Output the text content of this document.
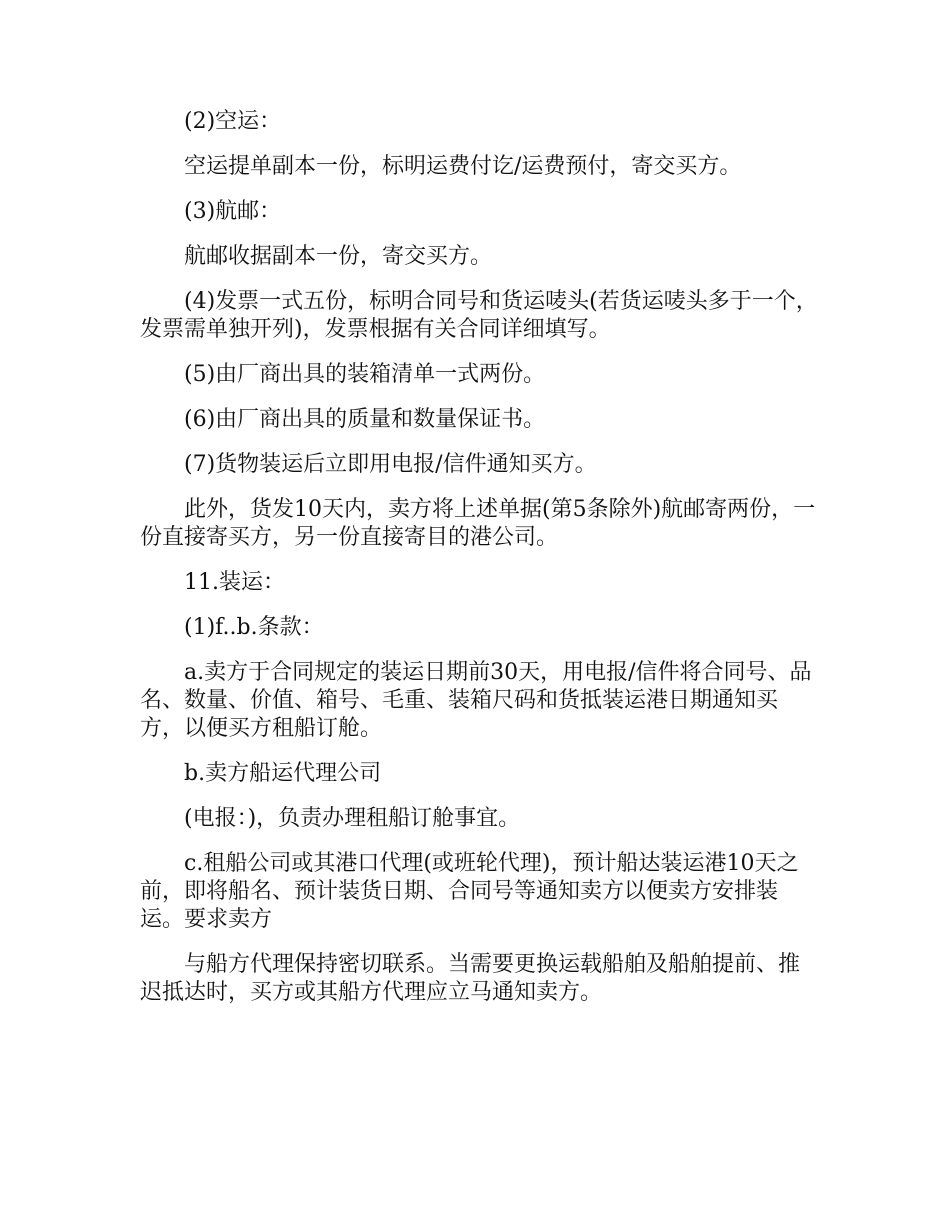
(2)空运：

空运提单副本一份，标明运费付讫/运费预付，寄交买方。

(3)航邮：

航邮收据副本一份，寄交买方。

(4)发票一式五份，标明合同号和货运唛头(若货运唛头多于一个，发票需单独开列)，发票根据有关合同详细填写。

(5)由厂商出具的装箱清单一式两份。

(6)由厂商出具的质量和数量保证书。

(7)货物装运后立即用电报/信件通知买方。

此外，货发10天内，卖方将上述单据(第5条除外)航邮寄两份，一份直接寄买方，另一份直接寄目的港公司。

11.装运：

(1)f..b.条款：

a.卖方于合同规定的装运日期前30天，用电报/信件将合同号、品名、数量、价值、箱号、毛重、装箱尺码和货抵装运港日期通知买方，以便买方租船订舱。

b.卖方船运代理公司

(电报：)，负责办理租船订舱事宜。

c.租船公司或其港口代理(或班轮代理)，预计船达装运港10天之前，即将船名、预计装货日期、合同号等通知卖方以便卖方安排装运。要求卖方

与船方代理保持密切联系。当需要更换运载船舶及船舶提前、推迟抵达时，买方或其船方代理应立马通知卖方。
